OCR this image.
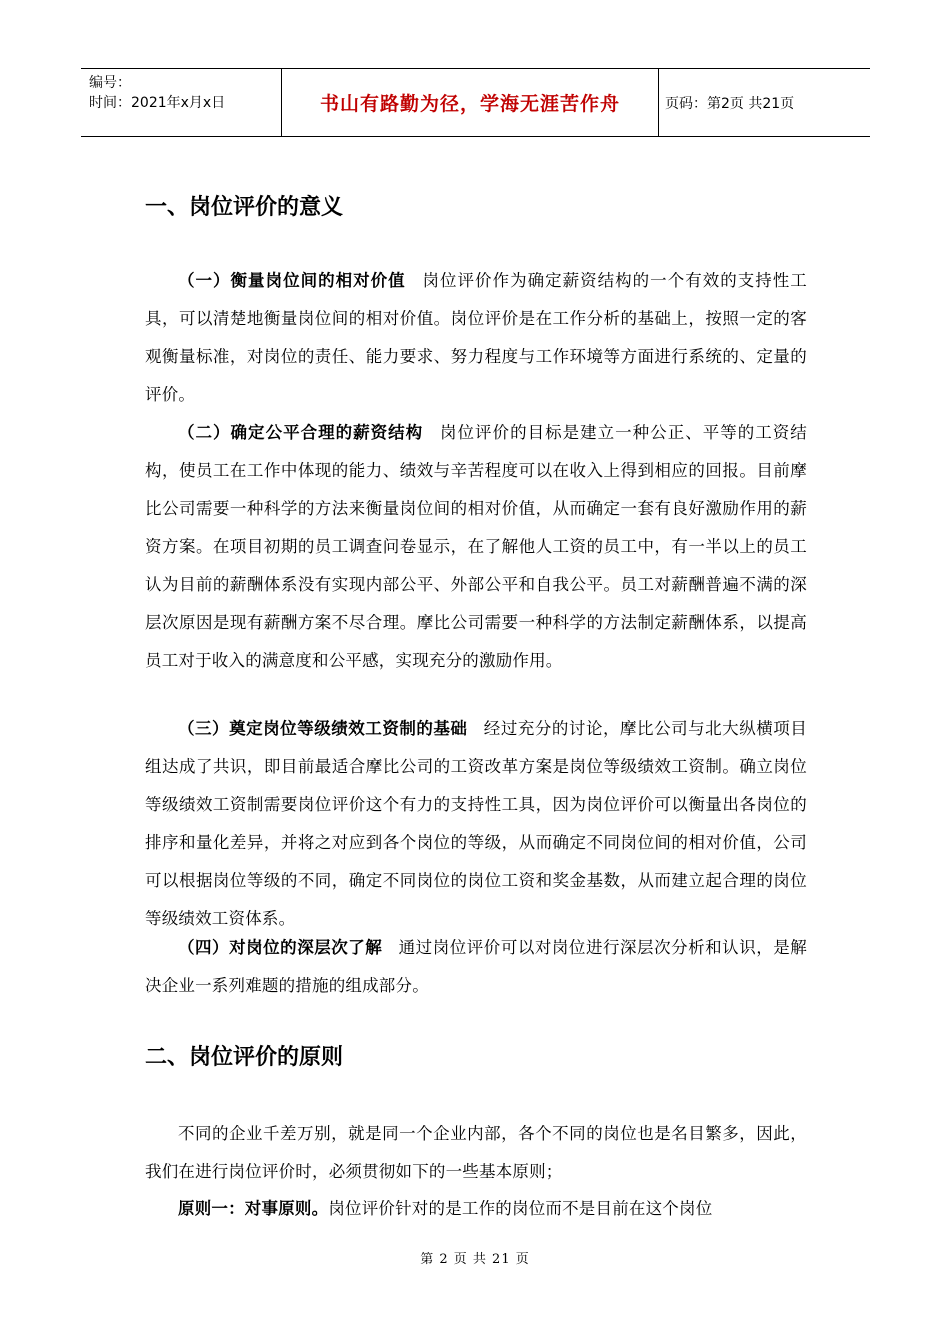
编号：
时间：2021年x月x日	书山有路勤为径，学海无涯苦作舟	页码：第2页 共21页
一、岗位评价的意义
（一）衡量岗位间的相对价值 岗位评价作为确定薪资结构的一个有效的支持性工具，可以清楚地衡量岗位间的相对价值。岗位评价是在工作分析的基础上，按照一定的客观衡量标准，对岗位的责任、能力要求、努力程度与工作环境等方面进行系统的、定量的评价。
（二）确定公平合理的薪资结构 岗位评价的目标是建立一种公正、平等的工资结构，使员工在工作中体现的能力、绩效与辛苦程度可以在收入上得到相应的回报。目前摩比公司需要一种科学的方法来衡量岗位间的相对价值，从而确定一套有良好激励作用的薪资方案。在项目初期的员工调查问卷显示，在了解他人工资的员工中，有一半以上的员工认为目前的薪酬体系没有实现内部公平、外部公平和自我公平。员工对薪酬普遍不满的深层次原因是现有薪酬方案不尽合理。摩比公司需要一种科学的方法制定薪酬体系，以提高员工对于收入的满意度和公平感，实现充分的激励作用。
（三）奠定岗位等级绩效工资制的基础 经过充分的讨论，摩比公司与北大纵横项目组达成了共识，即目前最适合摩比公司的工资改革方案是岗位等级绩效工资制。确立岗位等级绩效工资制需要岗位评价这个有力的支持性工具，因为岗位评价可以衡量出各岗位的排序和量化差异，并将之对应到各个岗位的等级，从而确定不同岗位间的相对价值，公司可以根据岗位等级的不同，确定不同岗位的岗位工资和奖金基数，从而建立起合理的岗位等级绩效工资体系。
（四）对岗位的深层次了解 通过岗位评价可以对岗位进行深层次分析和认识，是解决企业一系列难题的措施的组成部分。
二、岗位评价的原则
不同的企业千差万别，就是同一个企业内部，各个不同的岗位也是名目繁多，因此，我们在进行岗位评价时，必须贯彻如下的一些基本原则；
原则一：对事原则。岗位评价针对的是工作的岗位而不是目前在这个岗位
第 2 页 共 21 页
